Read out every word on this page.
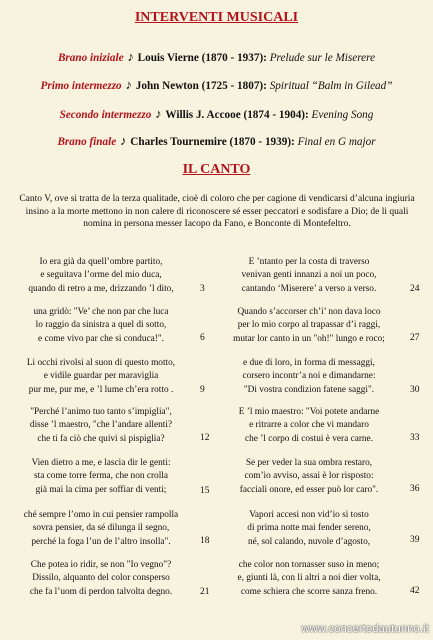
INTERVENTI MUSICALI
Brano iniziale ♪ Louis Vierne (1870 - 1937): Prelude sur le Miserere
Primo intermezzo ♪ John Newton (1725 - 1807): Spiritual “Balm in Gilead”
Secondo intermezzo ♪ Willis J. Accooe (1874 - 1904): Evening Song
Brano finale ♪ Charles Tournemire (1870 - 1939): Final en G major
IL CANTO
Canto V, ove si tratta de la terza qualitade, cioè di coloro che per cagione di vendicarsi d’alcuna ingiuria insino a la morte mettono in non calere di riconoscere sé esser peccatori e sodisfare a Dio; de li quali nomina in persona messer Iacopo da Fano, e Bonconte di Montefeltro.
Io era già da quell’ombre partito,
e seguitava l’orme del mio duca,
quando di retro a me, drizzando ’l dito,	3
una gridò: "Ve’ che non par che luca
lo raggio da sinistra a quel di sotto,
e come vivo par che si conduca!".	6
Li occhi rivolsi al suon di questo motto,
e vidile guardar per maraviglia
pur me, pur me, e ’l lume ch’era rotto .	9
"Perché l’animo tuo tanto s’impiglia",
disse ’l maestro, "che l’andare allenti?
che ti fa ciò che quivi si pispiglia?	12
Vien dietro a me, e lascia dir le genti:
sta come torre ferma, che non crolla
già mai la cima per soffiar di venti;	15
ché sempre l’omo in cui pensier rampolla
sovra pensier, da sé dilunga il segno,
perché la foga l’un de l’altro insolla".	18
Che potea io ridir, se non "Io vegno"?
Dissilo, alquanto del color consperso
che fa l’uom di perdon talvolta degno.	21
E ’ntanto per la costa di traverso
venivan genti innanzi a noi un poco,
cantando ‘Miserere’ a verso a verso.	24
Quando s’accorser ch’i’ non dava loco
per lo mio corpo al trapassar d’i raggi,
mutar lor canto in un "oh!" lungo e roco;	27
e due di loro, in forma di messaggi,
corsero incontr’a noi e dimandarne:
"Di vostra condizion fatene saggi".	30
E ’l mio maestro: "Voi potete andarne
e ritrarre a color che vi mandaro
che ’l corpo di costui è vera carne.	33
Se per veder la sua ombra restaro,
com’io avviso, assai è lor risposto:
facciali onore, ed esser può lor caro".	36
Vapori accesi non vid’io sì tosto
di prima notte mai fender sereno,
né, sol calando, nuvole d’agosto,	39
che color non tornasser suso in meno;
e, giunti là, con li altri a noi dier volta,
come schiera che scorre sanza freno.	42
www.concertodautunno.it
